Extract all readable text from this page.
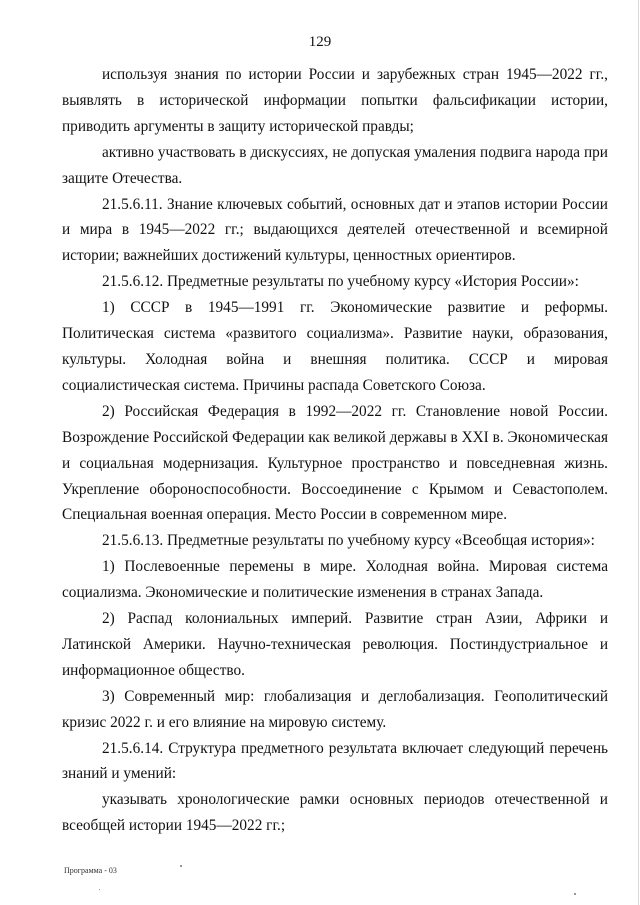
129

используя знания по истории России и зарубежных стран 1945—2022 гг., выявлять в исторической информации попытки фальсификации истории, приводить аргументы в защиту исторической правды;

активно участвовать в дискуссиях, не допуская умаления подвига народа при защите Отечества.

21.5.6.11. Знание ключевых событий, основных дат и этапов истории России и мира в 1945—2022 гг.; выдающихся деятелей отечественной и всемирной истории; важнейших достижений культуры, ценностных ориентиров.

21.5.6.12. Предметные результаты по учебному курсу «История России»:

1) СССР в 1945—1991 гг. Экономические развитие и реформы. Политическая система «развитого социализма». Развитие науки, образования, культуры. Холодная война и внешняя политика. СССР и мировая социалистическая система. Причины распада Советского Союза.

2) Российская Федерация в 1992—2022 гг. Становление новой России. Возрождение Российской Федерации как великой державы в XXI в. Экономическая и социальная модернизация. Культурное пространство и повседневная жизнь. Укрепление обороноспособности. Воссоединение с Крымом и Севастополем. Специальная военная операция. Место России в современном мире.

21.5.6.13. Предметные результаты по учебному курсу «Всеобщая история»:

1) Послевоенные перемены в мире. Холодная война. Мировая система социализма. Экономические и политические изменения в странах Запада.

2) Распад колониальных империй. Развитие стран Азии, Африки и Латинской Америки. Научно-техническая революция. Постиндустриальное и информационное общество.

3) Современный мир: глобализация и деглобализация. Геополитический кризис 2022 г. и его влияние на мировую систему.

21.5.6.14. Структура предметного результата включает следующий перечень знаний и умений:

указывать хронологические рамки основных периодов отечественной и всеобщей истории 1945—2022 гг.;

Программа - 03
